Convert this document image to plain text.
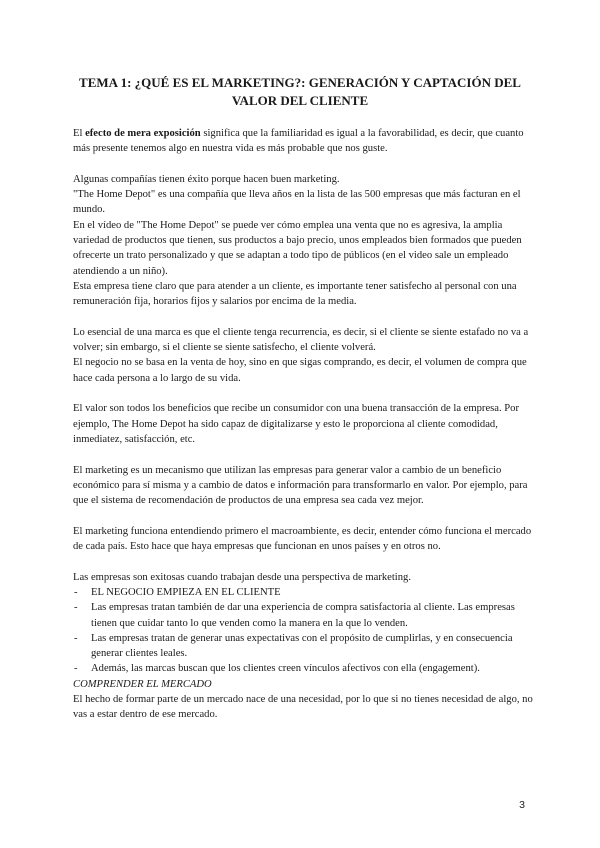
TEMA 1: ¿QUÉ ES EL MARKETING?: GENERACIÓN Y CAPTACIÓN DEL VALOR DEL CLIENTE

El efecto de mera exposición significa que la familiaridad es igual a la favorabilidad, es decir, que cuanto más presente tenemos algo en nuestra vida es más probable que nos guste.

Algunas compañías tienen éxito porque hacen buen marketing.

"The Home Depot" es una compañía que lleva años en la lista de las 500 empresas que más facturan en el mundo.

En el vídeo de "The Home Depot" se puede ver cómo emplea una venta que no es agresiva, la amplia variedad de productos que tienen, sus productos a bajo precio, unos empleados bien formados que pueden ofrecerte un trato personalizado y que se adaptan a todo tipo de públicos (en el video sale un empleado atendiendo a un niño).

Esta empresa tiene claro que para atender a un cliente, es importante tener satisfecho al personal con una remuneración fija, horarios fijos y salarios por encima de la media.

Lo esencial de una marca es que el cliente tenga recurrencia, es decir, si el cliente se siente estafado no va a volver; sin embargo, si el cliente se siente satisfecho, el cliente volverá.

El negocio no se basa en la venta de hoy, sino en que sigas comprando, es decir, el volumen de compra que hace cada persona a lo largo de su vida.

El valor son todos los beneficios que recibe un consumidor con una buena transacción de la empresa. Por ejemplo, The Home Depot ha sido capaz de digitalizarse y esto le proporciona al cliente comodidad, inmediatez, satisfacción, etc.

El marketing es un mecanismo que utilizan las empresas para generar valor a cambio de un beneficio económico para sí misma y a cambio de datos e información para transformarlo en valor. Por ejemplo, para que el sistema de recomendación de productos de una empresa sea cada vez mejor.

El marketing funciona entendiendo primero el macroambiente, es decir, entender cómo funciona el mercado de cada país. Esto hace que haya empresas que funcionan en unos países y en otros no.

Las empresas son exitosas cuando trabajan desde una perspectiva de marketing.

- EL NEGOCIO EMPIEZA EN EL CLIENTE
- Las empresas tratan también de dar una experiencia de compra satisfactoria al cliente. Las empresas tienen que cuidar tanto lo que venden como la manera en la que lo venden.
- Las empresas tratan de generar unas expectativas con el propósito de cumplirlas, y en consecuencia generar clientes leales.
- Además, las marcas buscan que los clientes creen vínculos afectivos con ella (engagement).

COMPRENDER EL MERCADO

El hecho de formar parte de un mercado nace de una necesidad, por lo que si no tienes necesidad de algo, no vas a estar dentro de ese mercado.

3
